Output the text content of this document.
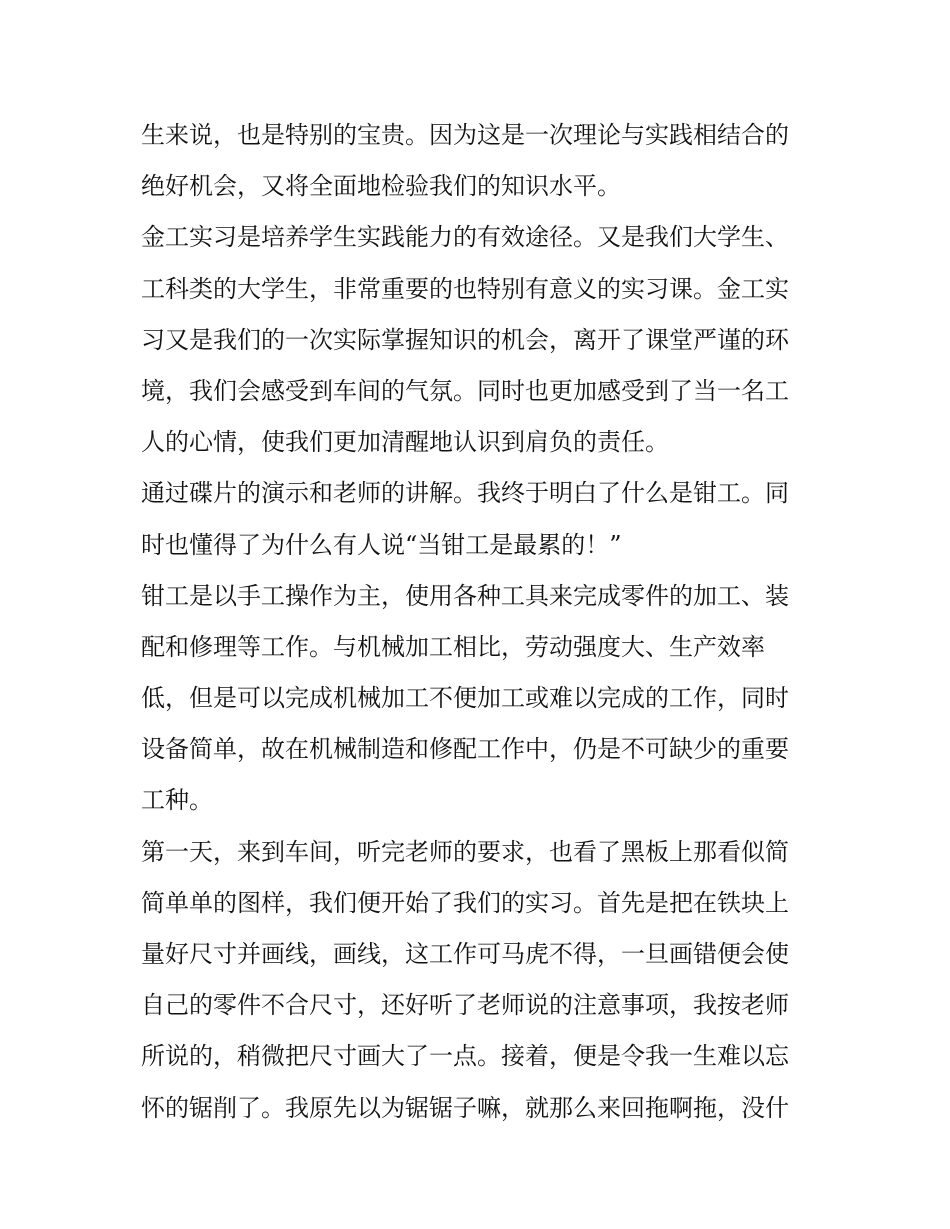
生来说，也是特别的宝贵。因为这是一次理论与实践相结合的
绝好机会，又将全面地检验我们的知识水平。
金工实习是培养学生实践能力的有效途径。又是我们大学生、
工科类的大学生，非常重要的也特别有意义的实习课。金工实
习又是我们的一次实际掌握知识的机会，离开了课堂严谨的环
境，我们会感受到车间的气氛。同时也更加感受到了当一名工
人的心情，使我们更加清醒地认识到肩负的责任。
通过碟片的演示和老师的讲解。我终于明白了什么是钳工。同
时也懂得了为什么有人说“当钳工是最累的！”
钳工是以手工操作为主，使用各种工具来完成零件的加工、装
配和修理等工作。与机械加工相比，劳动强度大、生产效率
低，但是可以完成机械加工不便加工或难以完成的工作，同时
设备简单，故在机械制造和修配工作中，仍是不可缺少的重要
工种。
第一天，来到车间，听完老师的要求，也看了黑板上那看似简
简单单的图样，我们便开始了我们的实习。首先是把在铁块上
量好尺寸并画线，画线，这工作可马虎不得，一旦画错便会使
自己的零件不合尺寸，还好听了老师说的注意事项，我按老师
所说的，稍微把尺寸画大了一点。接着，便是令我一生难以忘
怀的锯削了。我原先以为锯锯子嘛，就那么来回拖啊拖，没什
